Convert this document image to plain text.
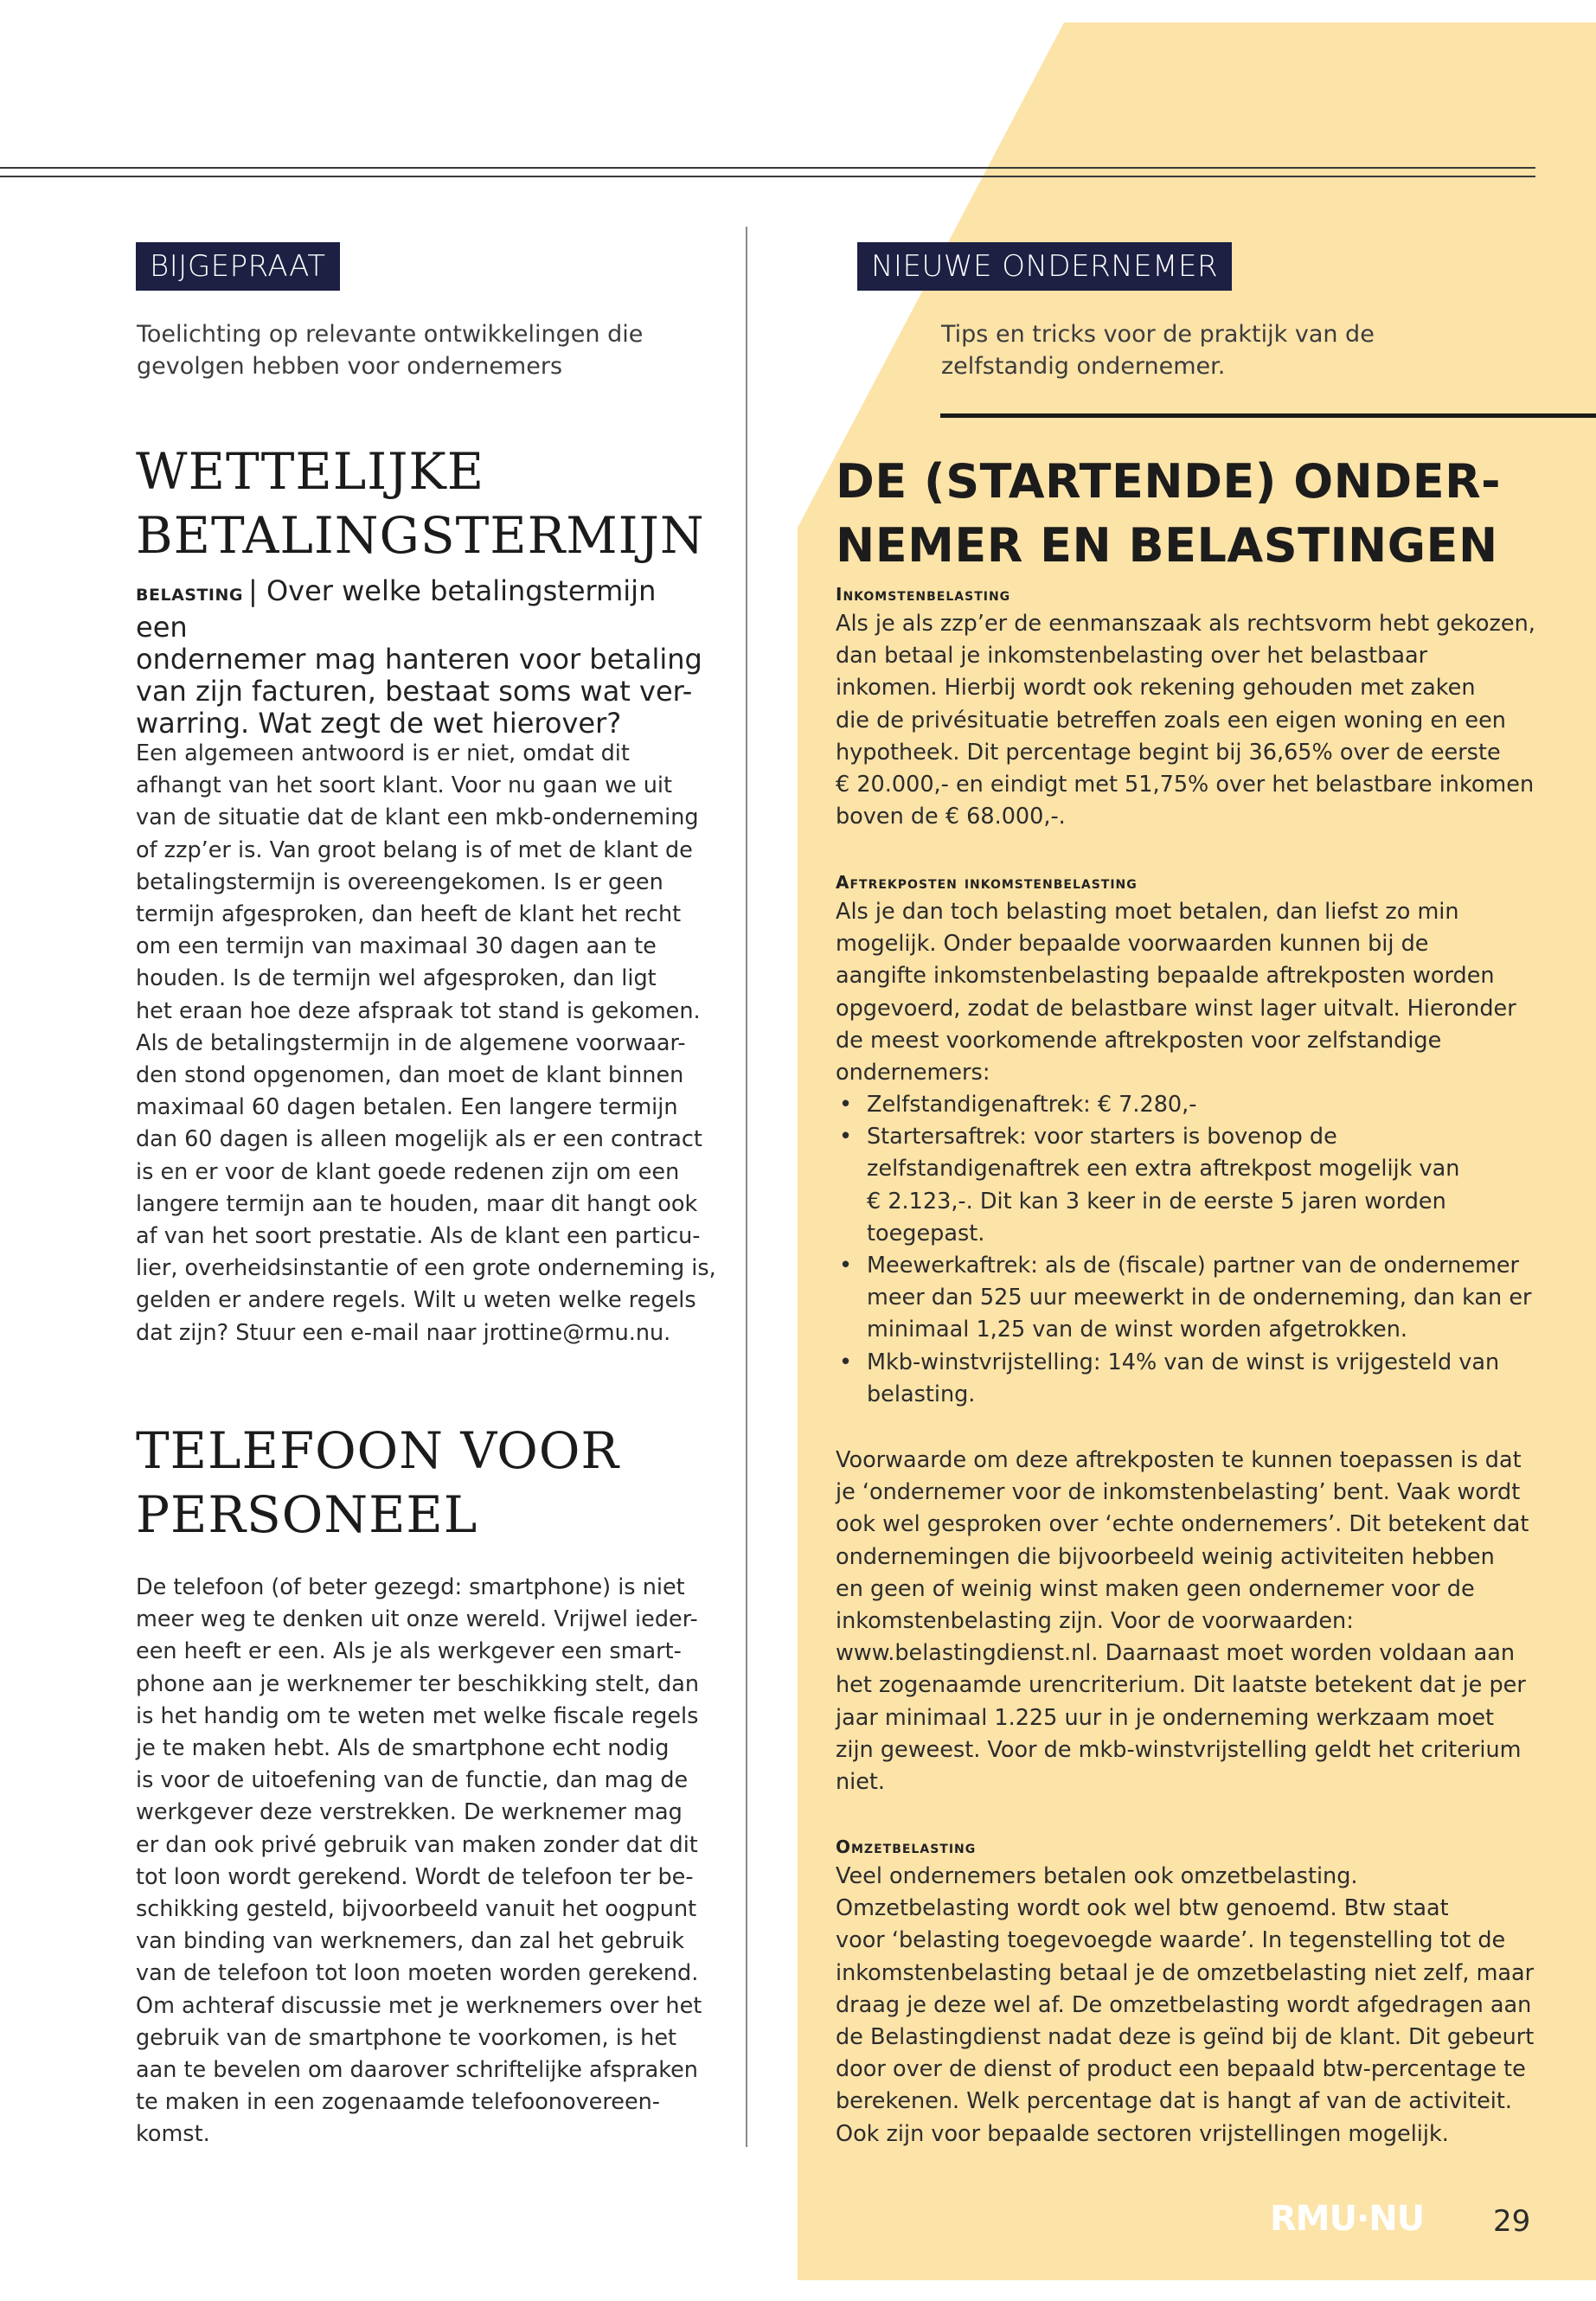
BIJGEPRAAT

Toelichting op relevante ontwikkelingen die
gevolgen hebben voor ondernemers

WETTELIJKE
BETALINGSTERMIJN

BELASTING | Over welke betalingstermijn een
ondernemer mag hanteren voor betaling
van zijn facturen, bestaat soms wat ver-
warring. Wat zegt de wet hierover?

Een algemeen antwoord is er niet, omdat dit
afhangt van het soort klant. Voor nu gaan we uit
van de situatie dat de klant een mkb-onderneming
of zzp’er is. Van groot belang is of met de klant de
betalingstermijn is overeengekomen. Is er geen
termijn afgesproken, dan heeft de klant het recht
om een termijn van maximaal 30 dagen aan te
houden. Is de termijn wel afgesproken, dan ligt
het eraan hoe deze afspraak tot stand is gekomen.
Als de betalingstermijn in de algemene voorwaar-
den stond opgenomen, dan moet de klant binnen
maximaal 60 dagen betalen. Een langere termijn
dan 60 dagen is alleen mogelijk als er een contract
is en er voor de klant goede redenen zijn om een
langere termijn aan te houden, maar dit hangt ook
af van het soort prestatie. Als de klant een particu-
lier, overheidsinstantie of een grote onderneming is,
gelden er andere regels. Wilt u weten welke regels
dat zijn? Stuur een e-mail naar jrottine@rmu.nu.

TELEFOON VOOR
PERSONEEL

De telefoon (of beter gezegd: smartphone) is niet
meer weg te denken uit onze wereld. Vrijwel ieder-
een heeft er een. Als je als werkgever een smart-
phone aan je werknemer ter beschikking stelt, dan
is het handig om te weten met welke fiscale regels
je te maken hebt. Als de smartphone echt nodig
is voor de uitoefening van de functie, dan mag de
werkgever deze verstrekken. De werknemer mag
er dan ook privé gebruik van maken zonder dat dit
tot loon wordt gerekend. Wordt de telefoon ter be-
schikking gesteld, bijvoorbeeld vanuit het oogpunt
van binding van werknemers, dan zal het gebruik
van de telefoon tot loon moeten worden gerekend.
Om achteraf discussie met je werknemers over het
gebruik van de smartphone te voorkomen, is het
aan te bevelen om daarover schriftelijke afspraken
te maken in een zogenaamde telefoonovereen-
komst.

NIEUWE ONDERNEMER

Tips en tricks voor de praktijk van de
zelfstandig ondernemer.

DE (STARTENDE) ONDER-
NEMER EN BELASTINGEN
Inkomstenbelasting

Als je als zzp’er de eenmanszaak als rechtsvorm hebt gekozen,
dan betaal je inkomstenbelasting over het belastbaar
inkomen. Hierbij wordt ook rekening gehouden met zaken
die de privésituatie betreffen zoals een eigen woning en een
hypotheek. Dit percentage begint bij 36,65% over de eerste
€ 20.000,- en eindigt met 51,75% over het belastbare inkomen
boven de € 68.000,-.

Aftrekposten inkomstenbelasting

Als je dan toch belasting moet betalen, dan liefst zo min
mogelijk. Onder bepaalde voorwaarden kunnen bij de
aangifte inkomstenbelasting bepaalde aftrekposten worden
opgevoerd, zodat de belastbare winst lager uitvalt. Hieronder
de meest voorkomende aftrekposten voor zelfstandige
ondernemers:

• Zelfstandigenaftrek: € 7.280,-
• Startersaftrek: voor starters is bovenop de
zelfstandigenaftrek een extra aftrekpost mogelijk van
€ 2.123,-. Dit kan 3 keer in de eerste 5 jaren worden
toegepast.
• Meewerkaftrek: als de (fiscale) partner van de ondernemer
meer dan 525 uur meewerkt in de onderneming, dan kan er
minimaal 1,25 van de winst worden afgetrokken.
• Mkb-winstvrijstelling: 14% van de winst is vrijgesteld van
belasting.

Voorwaarde om deze aftrekposten te kunnen toepassen is dat
je ‘ondernemer voor de inkomstenbelasting’ bent. Vaak wordt
ook wel gesproken over ‘echte ondernemers’. Dit betekent dat
ondernemingen die bijvoorbeeld weinig activiteiten hebben
en geen of weinig winst maken geen ondernemer voor de
inkomstenbelasting zijn. Voor de voorwaarden:
www.belastingdienst.nl. Daarnaast moet worden voldaan aan
het zogenaamde urencriterium. Dit laatste betekent dat je per
jaar minimaal 1.225 uur in je onderneming werkzaam moet
zijn geweest. Voor de mkb-winstvrijstelling geldt het criterium
niet.

Omzetbelasting

Veel ondernemers betalen ook omzetbelasting.
Omzetbelasting wordt ook wel btw genoemd. Btw staat
voor ‘belasting toegevoegde waarde’. In tegenstelling tot de
inkomstenbelasting betaal je de omzetbelasting niet zelf, maar
draag je deze wel af. De omzetbelasting wordt afgedragen aan
de Belastingdienst nadat deze is geïnd bij de klant. Dit gebeurt
door over de dienst of product een bepaald btw-percentage te
berekenen. Welk percentage dat is hangt af van de activiteit.
Ook zijn voor bepaalde sectoren vrijstellingen mogelijk.

RMU·NU 29
